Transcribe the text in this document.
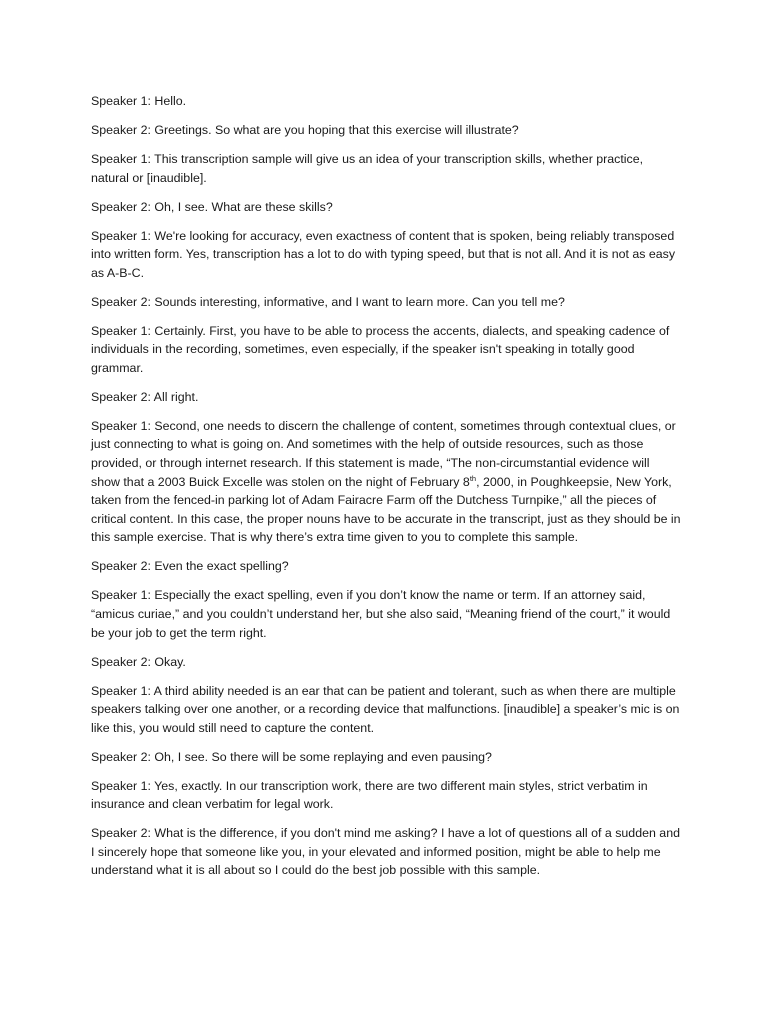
Speaker 1: Hello.

Speaker 2: Greetings. So what are you hoping that this exercise will illustrate?

Speaker 1: This transcription sample will give us an idea of your transcription skills, whether practice, natural or [inaudible].

Speaker 2: Oh, I see. What are these skills?

Speaker 1: We're looking for accuracy, even exactness of content that is spoken, being reliably transposed into written form. Yes, transcription has a lot to do with typing speed, but that is not all. And it is not as easy as A-B-C.

Speaker 2: Sounds interesting, informative, and I want to learn more. Can you tell me?

Speaker 1: Certainly. First, you have to be able to process the accents, dialects, and speaking cadence of individuals in the recording, sometimes, even especially, if the speaker isn't speaking in totally good grammar.

Speaker 2: All right.

Speaker 1: Second, one needs to discern the challenge of content, sometimes through contextual clues, or just connecting to what is going on. And sometimes with the help of outside resources, such as those provided, or through internet research. If this statement is made, “The non-circumstantial evidence will show that a 2003 Buick Excelle was stolen on the night of February 8th, 2000, in Poughkeepsie, New York, taken from the fenced-in parking lot of Adam Fairacre Farm off the Dutchess Turnpike,” all the pieces of critical content. In this case, the proper nouns have to be accurate in the transcript, just as they should be in this sample exercise. That is why there’s extra time given to you to complete this sample.

Speaker 2: Even the exact spelling?

Speaker 1: Especially the exact spelling, even if you don’t know the name or term. If an attorney said, “amicus curiae,” and you couldn’t understand her, but she also said, “Meaning friend of the court,” it would be your job to get the term right.

Speaker 2: Okay.

Speaker 1: A third ability needed is an ear that can be patient and tolerant, such as when there are multiple speakers talking over one another, or a recording device that malfunctions. [inaudible] a speaker’s mic is on like this, you would still need to capture the content.

Speaker 2: Oh, I see. So there will be some replaying and even pausing?

Speaker 1: Yes, exactly. In our transcription work, there are two different main styles, strict verbatim in insurance and clean verbatim for legal work.

Speaker 2: What is the difference, if you don't mind me asking? I have a lot of questions all of a sudden and I sincerely hope that someone like you, in your elevated and informed position, might be able to help me understand what it is all about so I could do the best job possible with this sample.
